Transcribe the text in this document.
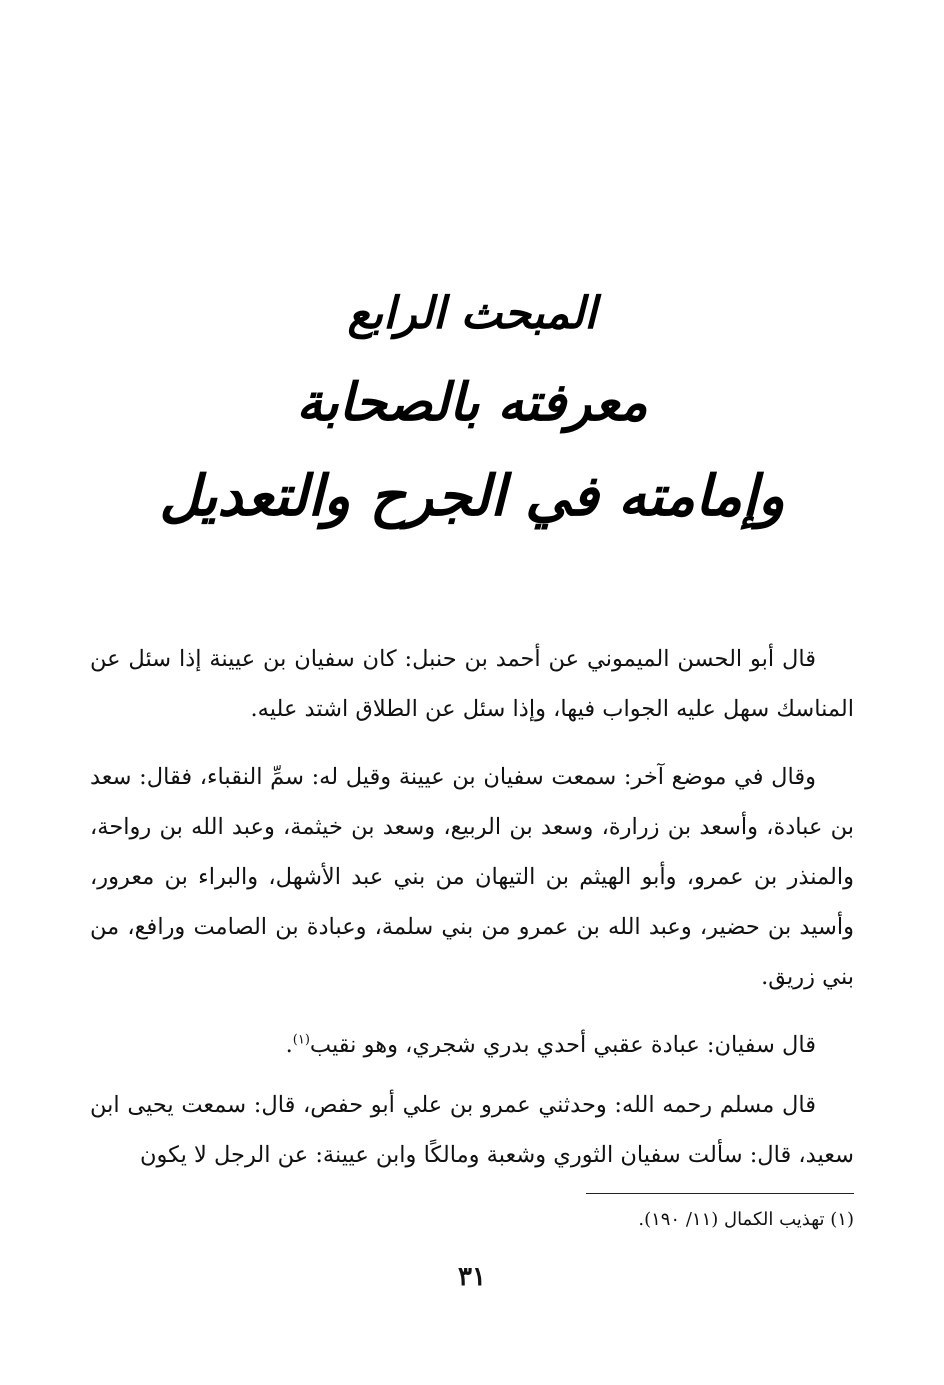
المبحث الرابع
معرفته بالصحابة
وإمامته في الجرح والتعديل

قال أبو الحسن الميموني عن أحمد بن حنبل: كان سفيان بن عيينة إذا سئل عن المناسك سهل عليه الجواب فيها، وإذا سئل عن الطلاق اشتد عليه.

وقال في موضع آخر: سمعت سفيان بن عيينة وقيل له: سمِّ النقباء، فقال: سعد بن عبادة، وأسعد بن زرارة، وسعد بن الربيع، وسعد بن خيثمة، وعبد الله بن رواحة، والمنذر بن عمرو، وأبو الهيثم بن التيهان من بني عبد الأشهل، والبراء بن معرور، وأسيد بن حضير، وعبد الله بن عمرو من بني سلمة، وعبادة بن الصامت ورافع، من بني زريق.

قال سفيان: عبادة عقبي أحدي بدري شجري، وهو نقيب$^{(١)}$.

قال مسلم رحمه الله: وحدثني عمرو بن علي أبو حفص، قال: سمعت يحيى ابن سعيد، قال: سألت سفيان الثوري وشعبة ومالكًا وابن عيينة: عن الرجل لا يكون

(١) تهذيب الكمال (١١/ ١٩٠).
٣١
